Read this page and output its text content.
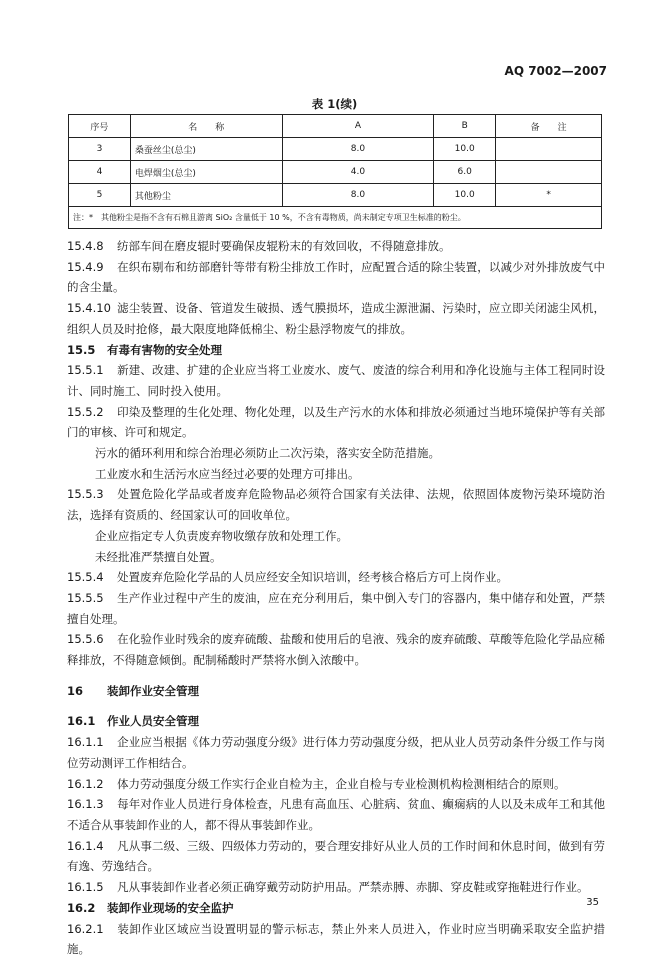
AQ 7002—2007
表 1(续)
序号	名　　称	A	B	备　　注
3	桑蚕丝尘(总尘)	8.0	10.0	
4	电焊烟尘(总尘)	4.0	6.0	
5	其他粉尘	8.0	10.0	*
注：*　其他粉尘是指不含有石棉且游离 SiO₂ 含量低于 10 %，不含有毒物质，尚未制定专项卫生标准的粉尘。				

15.4.8 纺部车间在磨皮辊时要确保皮辊粉末的有效回收，不得随意排放。

15.4.9 在织布剔布和纺部磨针等带有粉尘排放工作时，应配置合适的除尘装置，以减少对外排放废气中的含尘量。

15.4.10 滤尘装置、设备、管道发生破损、透气膜损坏，造成尘源泄漏、污染时，应立即关闭滤尘风机，组织人员及时抢修，最大限度地降低棉尘、粉尘悬浮物废气的排放。

15.5 有毒有害物的安全处理

15.5.1 新建、改建、扩建的企业应当将工业废水、废气、废渣的综合利用和净化设施与主体工程同时设计、同时施工、同时投入使用。

15.5.2 印染及整理的生化处理、物化处理，以及生产污水的水体和排放必须通过当地环境保护等有关部门的审核、许可和规定。

污水的循环利用和综合治理必须防止二次污染，落实安全防范措施。

工业废水和生活污水应当经过必要的处理方可排出。

15.5.3 处置危险化学品或者废弃危险物品必须符合国家有关法律、法规，依照固体废物污染环境防治法，选择有资质的、经国家认可的回收单位。

企业应指定专人负责废弃物收缴存放和处理工作。

未经批准严禁擅自处置。

15.5.4 处置废弃危险化学品的人员应经安全知识培训，经考核合格后方可上岗作业。

15.5.5 生产作业过程中产生的废油，应在充分利用后，集中倒入专门的容器内，集中储存和处置，严禁擅自处理。

15.5.6 在化验作业时残余的废弃硫酸、盐酸和使用后的皂液、残余的废弃硫酸、草酸等危险化学品应稀释排放，不得随意倾倒。配制稀酸时严禁将水倒入浓酸中。

16 装卸作业安全管理

16.1 作业人员安全管理

16.1.1 企业应当根据《体力劳动强度分级》进行体力劳动强度分级，把从业人员劳动条件分级工作与岗位劳动测评工作相结合。

16.1.2 体力劳动强度分级工作实行企业自检为主，企业自检与专业检测机构检测相结合的原则。

16.1.3 每年对作业人员进行身体检查，凡患有高血压、心脏病、贫血、癫痫病的人以及未成年工和其他不适合从事装卸作业的人，都不得从事装卸作业。

16.1.4 凡从事二级、三级、四级体力劳动的，要合理安排好从业人员的工作时间和休息时间，做到有劳有逸、劳逸结合。

16.1.5 凡从事装卸作业者必须正确穿戴劳动防护用品。严禁赤膊、赤脚、穿皮鞋或穿拖鞋进行作业。

16.2 装卸作业现场的安全监护

16.2.1 装卸作业区域应当设置明显的警示标志，禁止外来人员进入，作业时应当明确采取安全监护措施。

35
